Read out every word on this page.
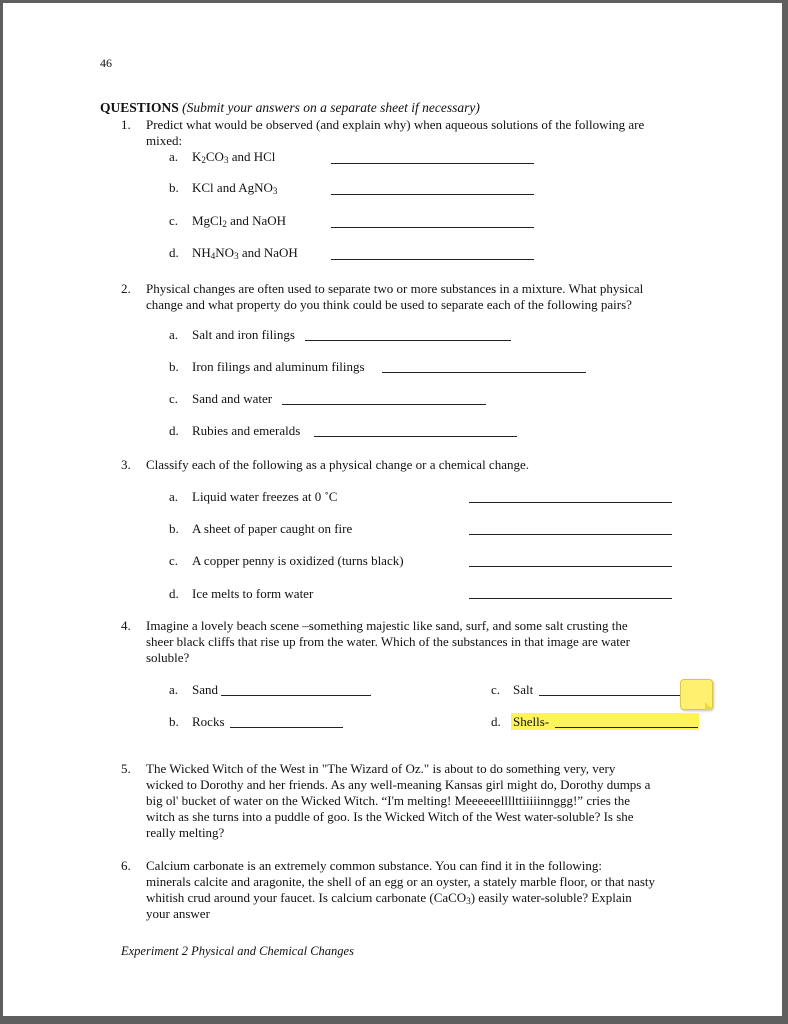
46
QUESTIONS (Submit your answers on a separate sheet if necessary)
1. Predict what would be observed (and explain why) when aqueous solutions of the following are
mixed:
a. $K_2CO_3$ and HCl
b. KCl and AgNO$_3$
c. MgCl$_2$ and NaOH
d. $NH_4NO_3$ and NaOH
2. Physical changes are often used to separate two or more substances in a mixture. What physical
change and what property do you think could be used to separate each of the following pairs?
a. Salt and iron filings
b. Iron filings and aluminum filings
c. Sand and water
d. Rubies and emeralds
3. Classify each of the following as a physical change or a chemical change.
a. Liquid water freezes at 0 ˚C
b. A sheet of paper caught on fire
c. A copper penny is oxidized (turns black)
d. Ice melts to form water
4. Imagine a lovely beach scene –something majestic like sand, surf, and some salt crusting the
sheer black cliffs that rise up from the water. Which of the substances in that image are water
soluble?
a. Sand	c. Salt
b. Rocks	d. Shells-
5. The Wicked Witch of the West in "The Wizard of Oz." is about to do something very, very
wicked to Dorothy and her friends. As any well-meaning Kansas girl might do, Dorothy dumps a
big ol' bucket of water on the Wicked Witch. “I'm melting! Meeeeeellllttiiiiinnggg!” cries the
witch as she turns into a puddle of goo. Is the Wicked Witch of the West water-soluble? Is she
really melting?
6. Calcium carbonate is an extremely common substance. You can find it in the following:
minerals calcite and aragonite, the shell of an egg or an oyster, a stately marble floor, or that nasty
whitish crud around your faucet. Is calcium carbonate (CaCO$_3$) easily water-soluble? Explain
your answer
Experiment 2 Physical and Chemical Changes
